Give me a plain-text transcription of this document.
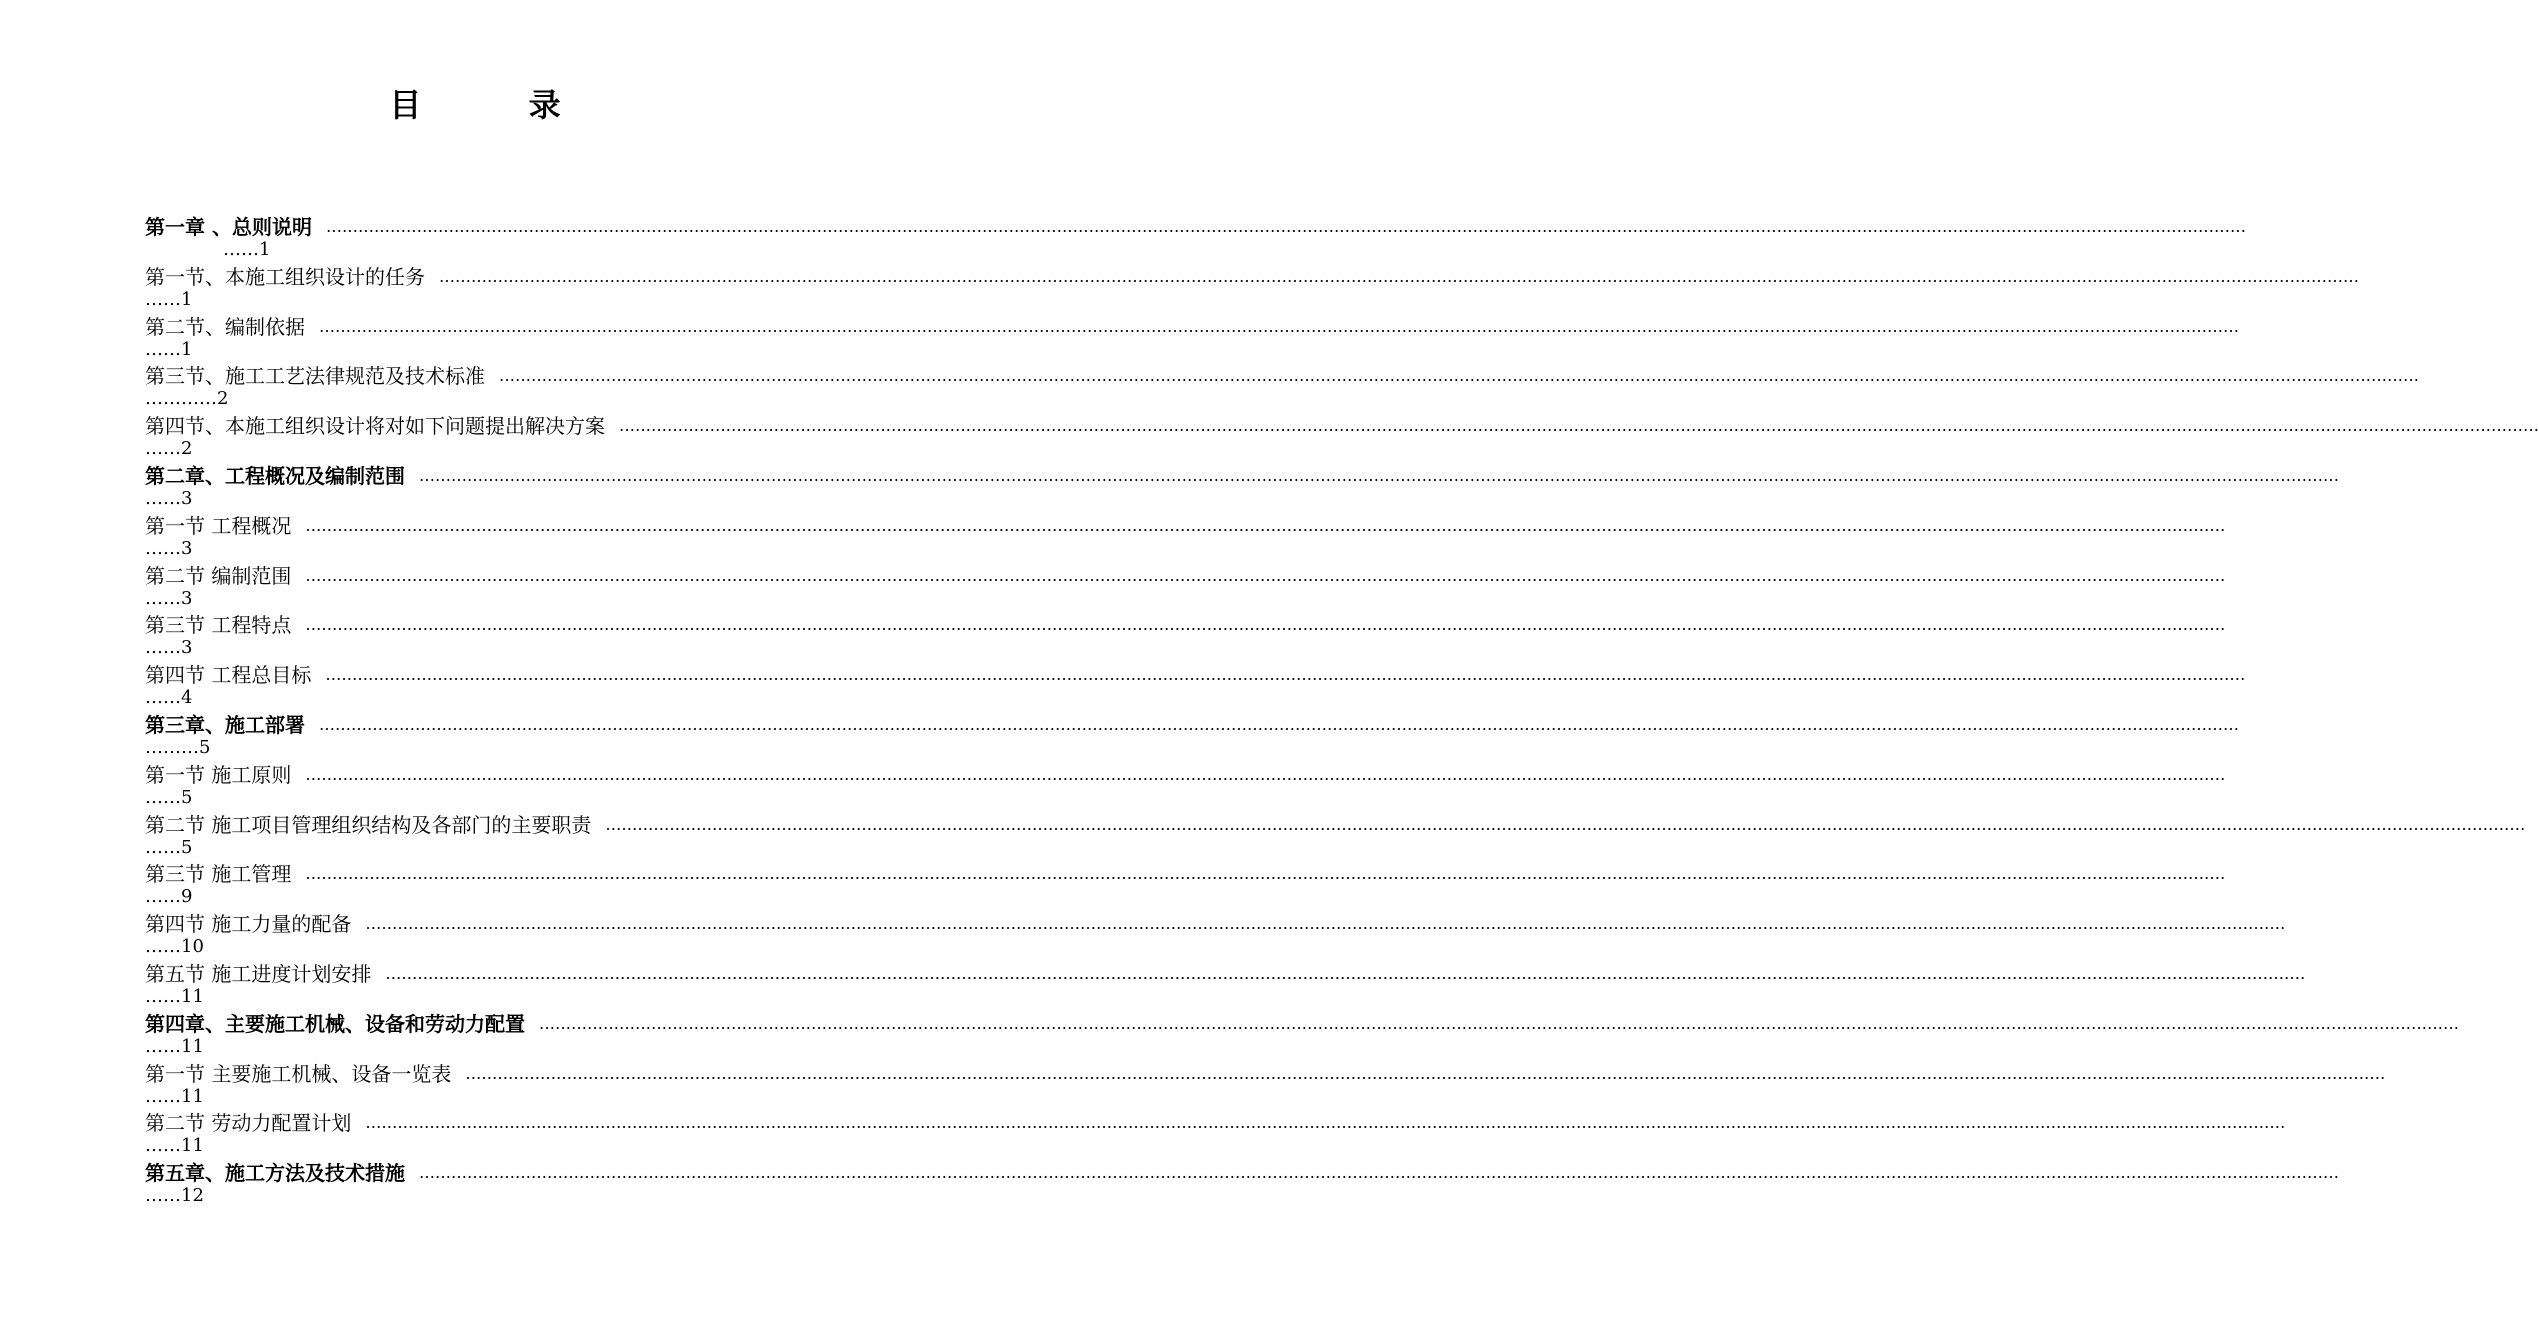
目 录
………………………………………………………………………………………………………………………………………………………………………………………………………………………………………………………………………………………………………………………………
第一章 、总则说明
……1
………………………………………………………………………………………………………………………………………………………………………………………………………………………………………………………………………………………………………………………………
第一节、本施工组织设计的任务
……1
………………………………………………………………………………………………………………………………………………………………………………………………………………………………………………………………………………………………………………………………
第二节、编制依据
……1
………………………………………………………………………………………………………………………………………………………………………………………………………………………………………………………………………………………………………………………………
第三节、施工工艺法律规范及技术标准
…………2
………………………………………………………………………………………………………………………………………………………………………………………………………………………………………………………………………………………………………………………………
第四节、本施工组织设计将对如下问题提出解决方案
……2
………………………………………………………………………………………………………………………………………………………………………………………………………………………………………………………………………………………………………………………………
第二章、工程概况及编制范围
……3
………………………………………………………………………………………………………………………………………………………………………………………………………………………………………………………………………………………………………………………………
第一节 工程概况
……3
………………………………………………………………………………………………………………………………………………………………………………………………………………………………………………………………………………………………………………………………
第二节 编制范围
……3
………………………………………………………………………………………………………………………………………………………………………………………………………………………………………………………………………………………………………………………………
第三节 工程特点
……3
………………………………………………………………………………………………………………………………………………………………………………………………………………………………………………………………………………………………………………………………
第四节 工程总目标
……4
………………………………………………………………………………………………………………………………………………………………………………………………………………………………………………………………………………………………………………………………
第三章、施工部署
………5
………………………………………………………………………………………………………………………………………………………………………………………………………………………………………………………………………………………………………………………………
第一节 施工原则
……5
………………………………………………………………………………………………………………………………………………………………………………………………………………………………………………………………………………………………………………………………
第二节 施工项目管理组织结构及各部门的主要职责
……5
………………………………………………………………………………………………………………………………………………………………………………………………………………………………………………………………………………………………………………………………
第三节 施工管理
……9
………………………………………………………………………………………………………………………………………………………………………………………………………………………………………………………………………………………………………………………………
第四节 施工力量的配备
……10
………………………………………………………………………………………………………………………………………………………………………………………………………………………………………………………………………………………………………………………………
第五节 施工进度计划安排
……11
………………………………………………………………………………………………………………………………………………………………………………………………………………………………………………………………………………………………………………………………
第四章、主要施工机械、设备和劳动力配置
……11
………………………………………………………………………………………………………………………………………………………………………………………………………………………………………………………………………………………………………………………………
第一节 主要施工机械、设备一览表
……11
………………………………………………………………………………………………………………………………………………………………………………………………………………………………………………………………………………………………………………………………
第二节 劳动力配置计划
……11
………………………………………………………………………………………………………………………………………………………………………………………………………………………………………………………………………………………………………………………………
第五章、施工方法及技术措施
……12
